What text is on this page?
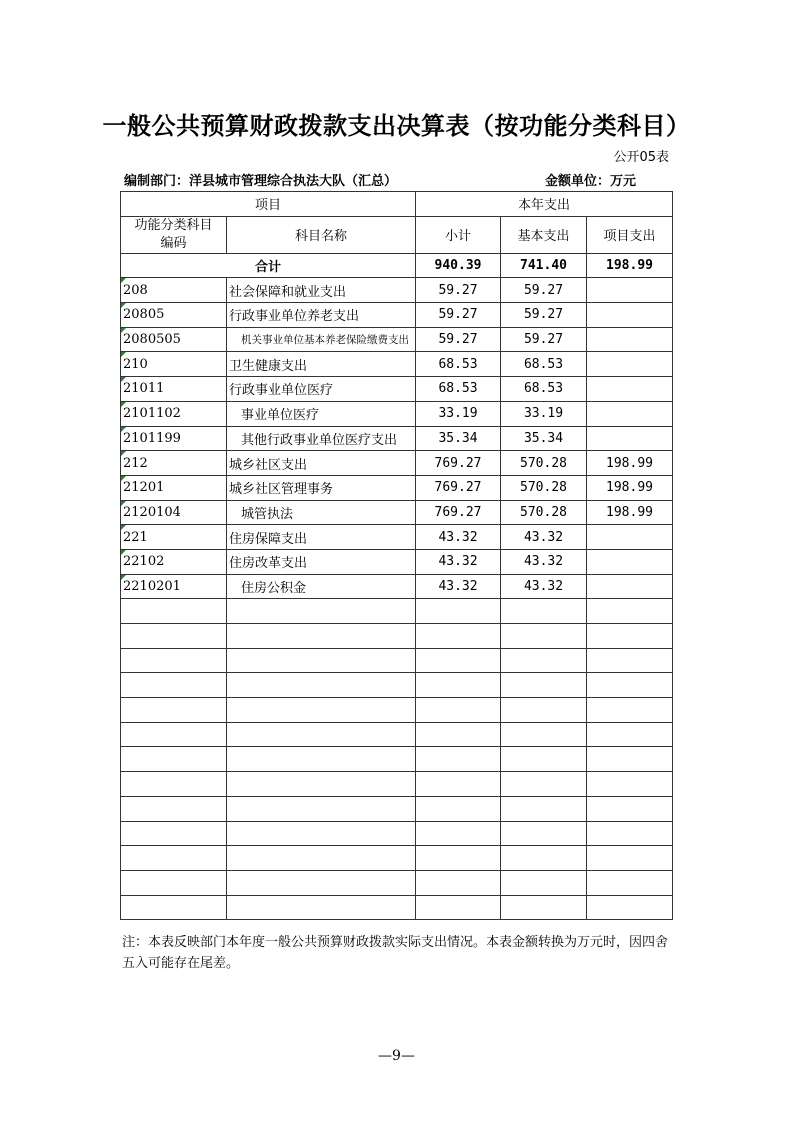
一般公共预算财政拨款支出决算表（按功能分类科目）
公开05表
编制部门：洋县城市管理综合执法大队（汇总）	金额单位：万元
项目		本年支出		
功能分类科目编码	科目名称	小计	基本支出	项目支出
合计		940.39	741.40	198.99
208	社会保障和就业支出	59.27	59.27	
20805	行政事业单位养老支出	59.27	59.27	
2080505	机关事业单位基本养老保险缴费支出	59.27	59.27	
210	卫生健康支出	68.53	68.53	
21011	行政事业单位医疗	68.53	68.53	
2101102	事业单位医疗	33.19	33.19	
2101199	其他行政事业单位医疗支出	35.34	35.34	
212	城乡社区支出	769.27	570.28	198.99
21201	城乡社区管理事务	769.27	570.28	198.99
2120104	城管执法	769.27	570.28	198.99
221	住房保障支出	43.32	43.32	
22102	住房改革支出	43.32	43.32	
2210201	住房公积金	43.32	43.32	

注：本表反映部门本年度一般公共预算财政拨款实际支出情况。本表金额转换为万元时，因四舍五入可能存在尾差。
—9—
